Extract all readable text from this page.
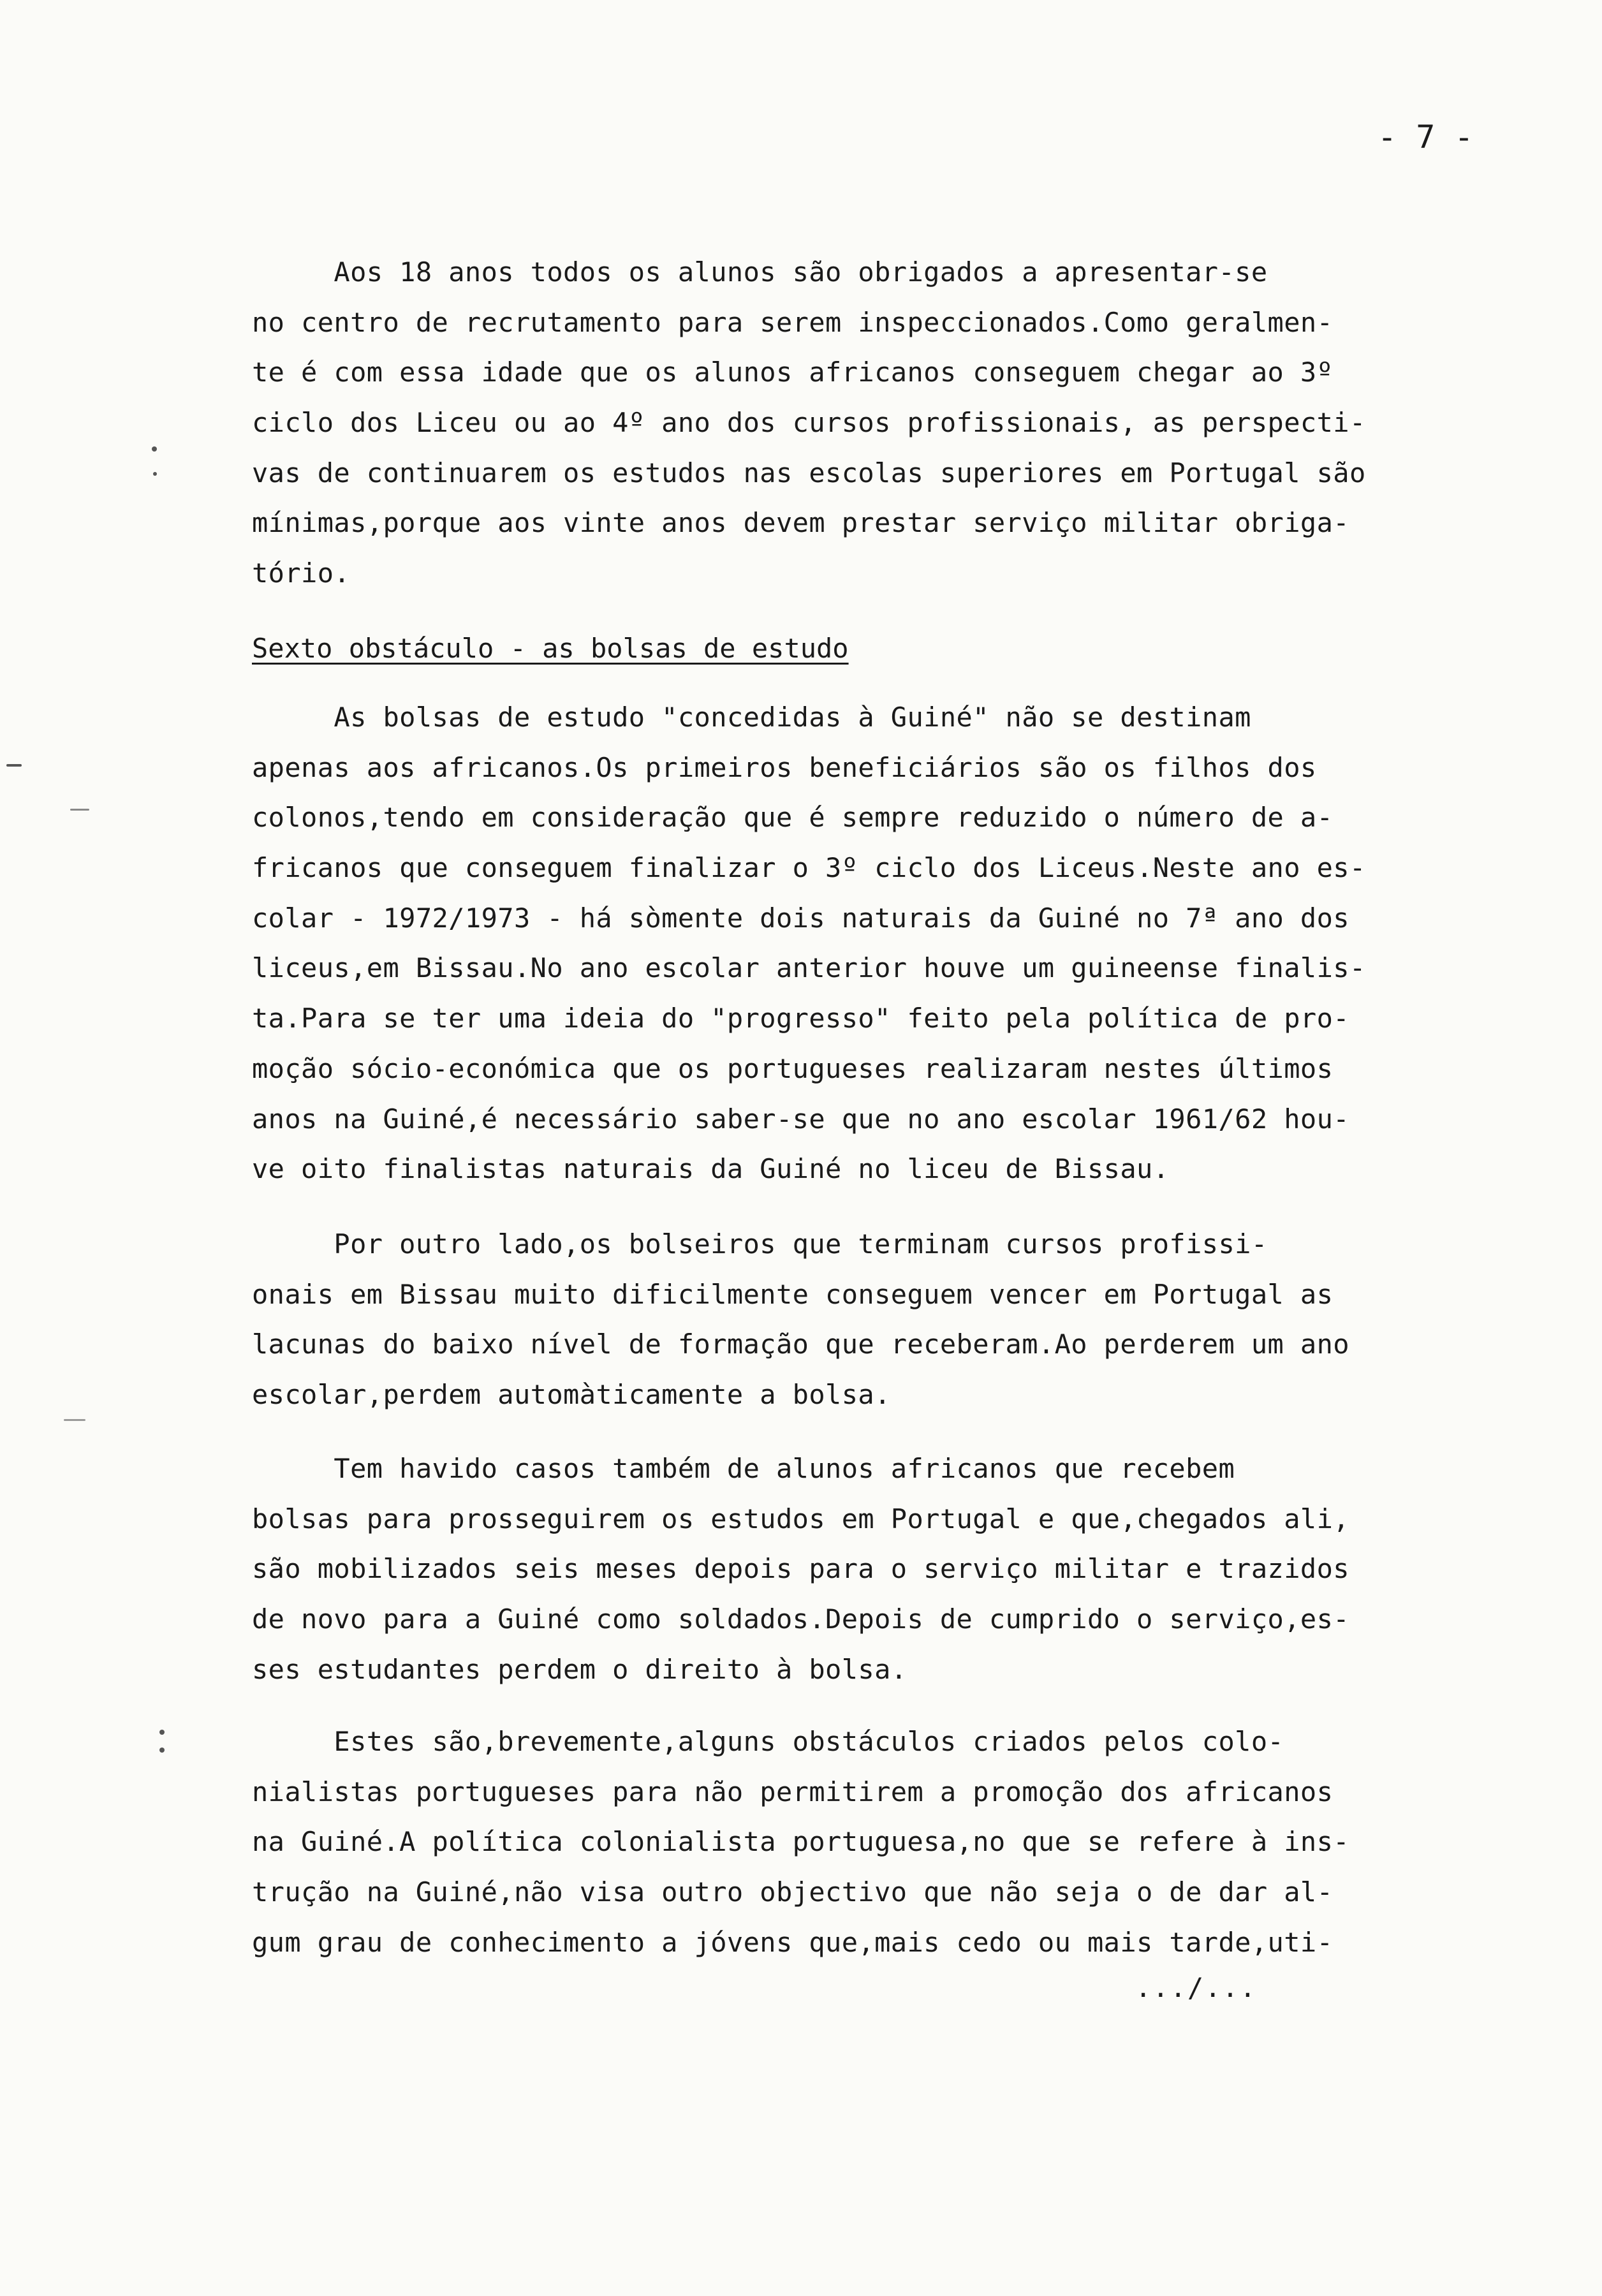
- 7 -
Aos 18 anos todos os alunos são obrigados a apresentar-se
no centro de recrutamento para serem inspeccionados.Como geralmen-
te é com essa idade que os alunos africanos conseguem chegar ao 3º
ciclo dos Liceu ou ao 4º ano dos cursos profissionais, as perspecti-
vas de continuarem os estudos nas escolas superiores em Portugal são
mínimas,porque aos vinte anos devem prestar serviço militar obriga-
tório.
Sexto obstáculo - as bolsas de estudo
As bolsas de estudo "concedidas à Guiné" não se destinam
apenas aos africanos.Os primeiros beneficiários são os filhos dos
colonos,tendo em consideração que é sempre reduzido o número de a-
fricanos que conseguem finalizar o 3º ciclo dos Liceus.Neste ano es-
colar - 1972/1973 - há sòmente dois naturais da Guiné no 7ª ano dos
liceus,em Bissau.No ano escolar anterior houve um guineense finalis-
ta.Para se ter uma ideia do "progresso" feito pela política de pro-
moção sócio-económica que os portugueses realizaram nestes últimos
anos na Guiné,é necessário saber-se que no ano escolar 1961/62 hou-
ve oito finalistas naturais da Guiné no liceu de Bissau.
Por outro lado,os bolseiros que terminam cursos profissi-
onais em Bissau muito dificilmente conseguem vencer em Portugal as
lacunas do baixo nível de formação que receberam.Ao perderem um ano
escolar,perdem automàticamente a bolsa.
Tem havido casos também de alunos africanos que recebem
bolsas para prosseguirem os estudos em Portugal e que,chegados ali,
são mobilizados seis meses depois para o serviço militar e trazidos
de novo para a Guiné como soldados.Depois de cumprido o serviço,es-
ses estudantes perdem o direito à bolsa.
Estes são,brevemente,alguns obstáculos criados pelos colo-
nialistas portugueses para não permitirem a promoção dos africanos
na Guiné.A política colonialista portuguesa,no que se refere à ins-
trução na Guiné,não visa outro objectivo que não seja o de dar al-
gum grau de conhecimento a jóvens que,mais cedo ou mais tarde,uti-
.../...
